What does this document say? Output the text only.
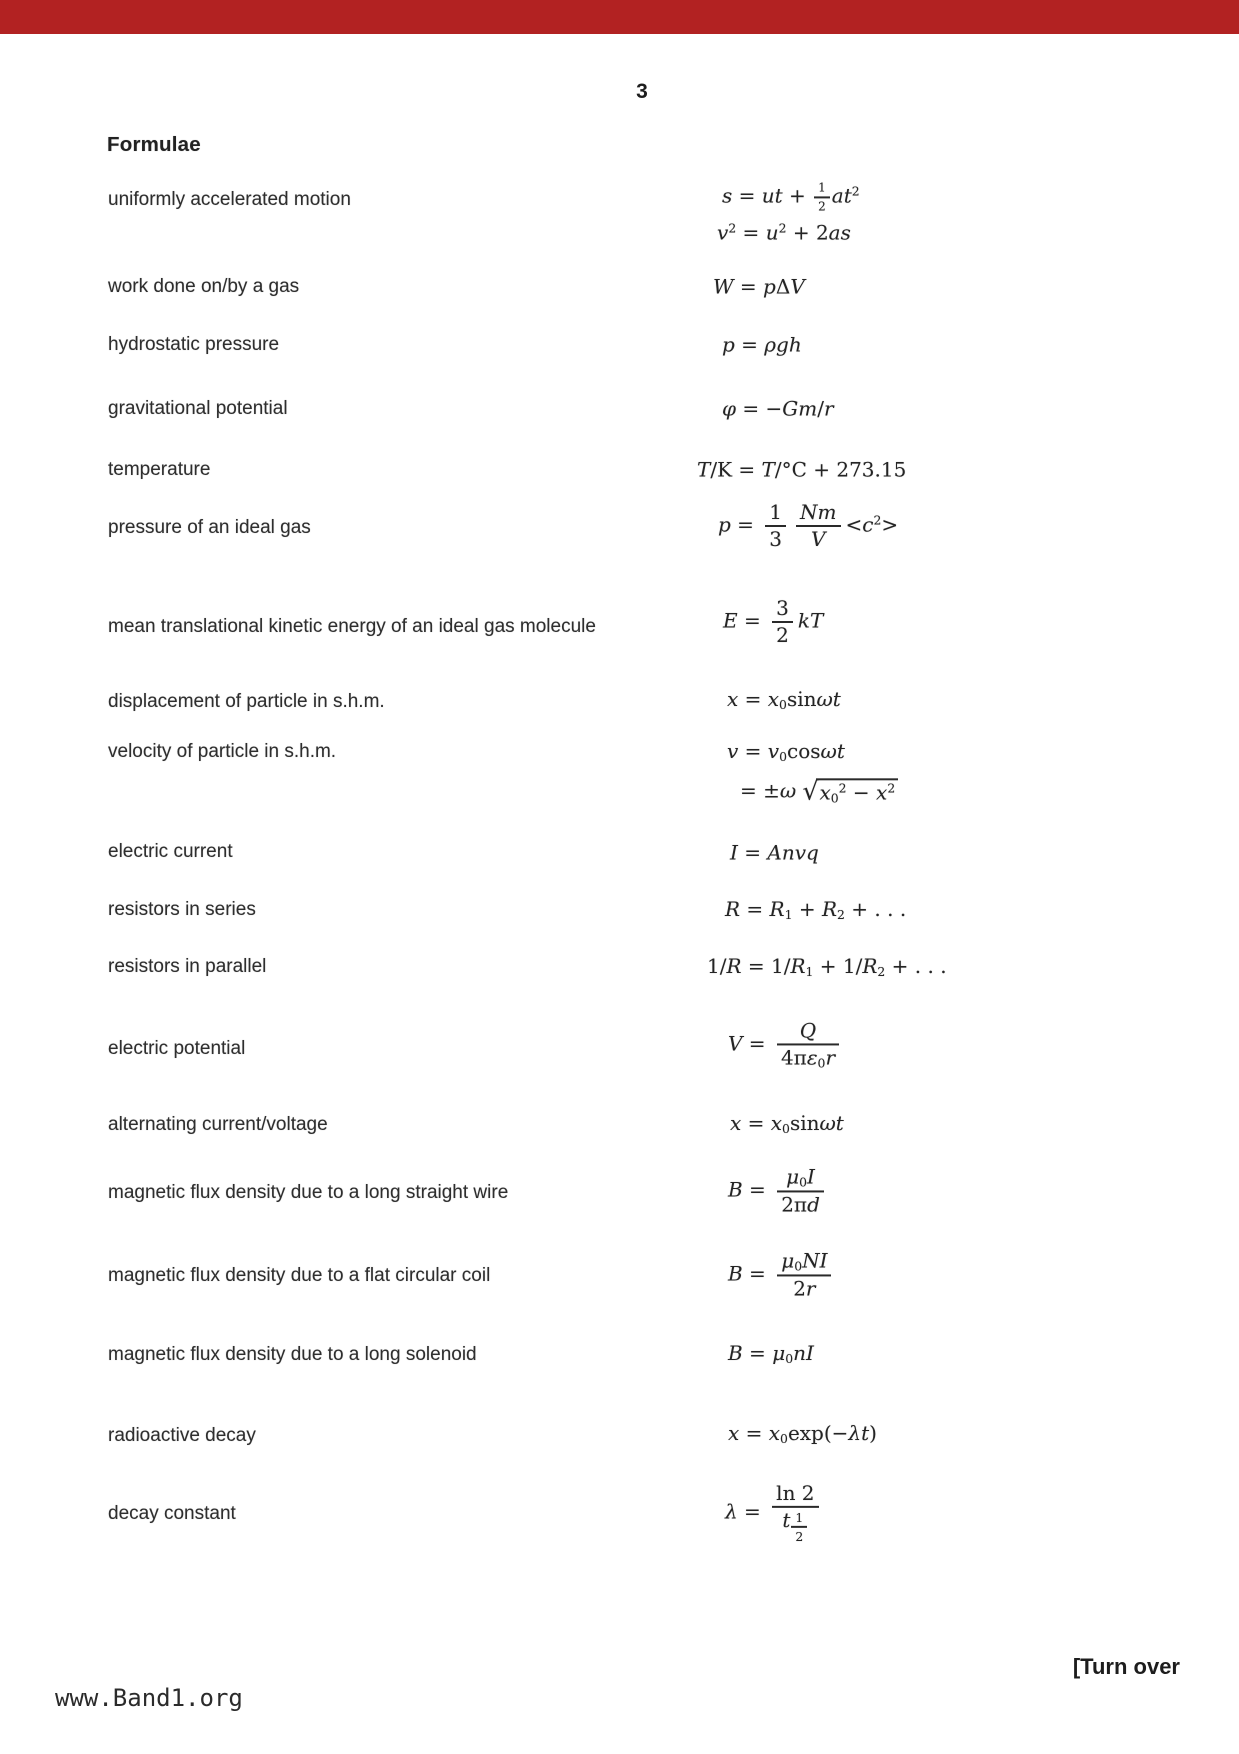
3
Formulae
[Turn over
www.Band1.org
uniformly accelerated motion	s = ut + $\frac{1}{2} at^2$
$v^2 = u^2 + 2as$
work done on/by a gas	W = pΔV
hydrostatic pressure	p = ρgh
gravitational potential	φ = −Gm/r
temperature	T/K = T/°C + 273.15
pressure of an ideal gas	$p = \frac{1}{3} \frac{Nm}{V} <c^2>$
mean translational kinetic energy of an ideal gas molecule	$E = \frac{3}{2}$ kT
displacement of particle in s.h.m.	$x = x_0\sin\omega t$
velocity of particle in s.h.m.	$v = v_0\cos\omega t$
= ±ω $√x_0^2 - x^2$
electric current	I = Anvq
resistors in series	$R = R_1 + R_2$ + . . .
resistors in parallel	$1/R = 1/R_1 + 1/R_2$ + . . .
electric potential	$V = \frac{Q}{4\pi\varepsilon_0r}$
alternating current/voltage	$x = x_0\sin\omega t$
magnetic flux density due to a long straight wire	$B = \frac{\mu_0I}{2\pi d}$
magnetic flux density due to a flat circular coil	$B = \frac{\mu_0NI}{2r}$
magnetic flux density due to a long solenoid	$B = \mu_0nI$
radioactive decay	$x = x_0\exp(-\lambda t)$
decay constant	$\lambda = \frac{\ln 2}{t \frac{1}{2}}$
